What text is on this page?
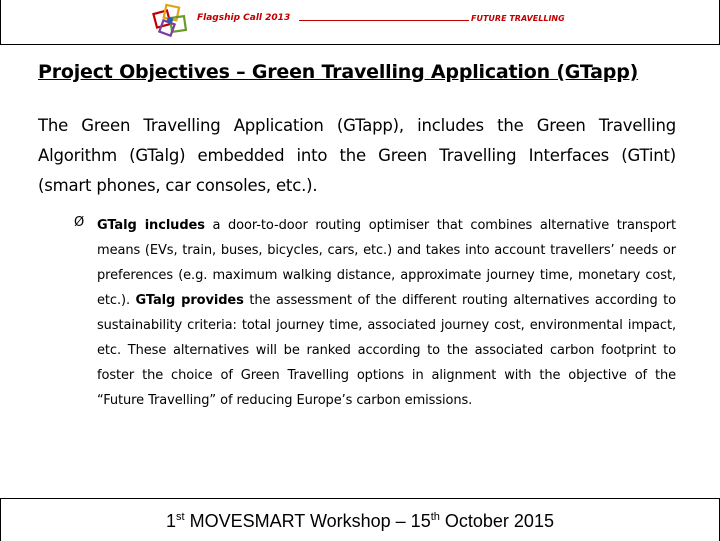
Flagship Call 2013	FUTURE TRAVELLING
Project Objectives – Green Travelling Application (GTapp)
The Green Travelling Application (GTapp), includes the Green Travelling Algorithm (GTalg) embedded into the Green Travelling Interfaces (GTint) (smart phones, car consoles, etc.).
Ø GTalg includes a door-to-door routing optimiser that combines alternative transport means (EVs, train, buses, bicycles, cars, etc.) and takes into account travellers’ needs or preferences (e.g. maximum walking distance, approximate journey time, monetary cost, etc.). GTalg provides the assessment of the different routing alternatives according to sustainability criteria: total journey time, associated journey cost, environmental impact, etc. These alternatives will be ranked according to the associated carbon footprint to foster the choice of Green Travelling options in alignment with the objective of the “Future Travelling” of reducing Europe’s carbon emissions.
1st MOVESMART Workshop – 15th October 2015
